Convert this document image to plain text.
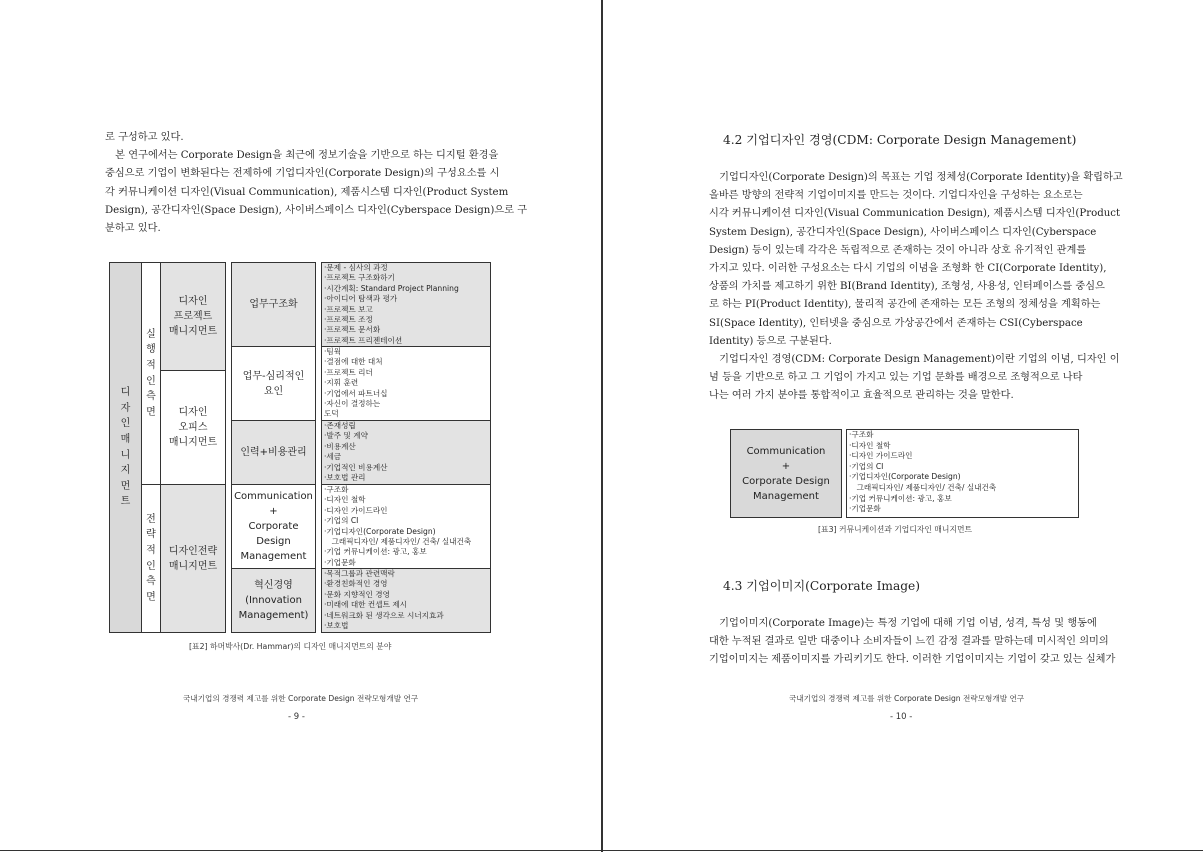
로 구성하고 있다.
　본 연구에서는 Corporate Design을 최근에 정보기술을 기반으로 하는 디지털 환경을
중심으로 기업이 변화된다는 전제하에 기업디자인(Corporate Design)의 구성요소를 시
각 커뮤니케이션 디자인(Visual Communication), 제품시스템 디자인(Product System
Design), 공간디자인(Space Design), 사이버스페이스 디자인(Cyberspace Design)으로 구
분하고 있다.
디
자
인
매
니
지
먼
트
실
행
적
인
측
면
전
략
적
인
측
면
디자인
프로젝트
매니지먼트
디자인
오피스
매니지먼트
디자인전략
매니지먼트
업무구조화
업무-심리적인
요인
인력+비용관리
Communication
+
Corporate
Design
Management
혁신경영
(Innovation
Management)
·문제 - 심사의 과정
·프로젝트 구조화하기
·시간계획: Standard Project Planning
·아이디어 탐색과 평가
·프로젝트 보고
·프로젝트 조정
·프로젝트 문서화
·프로젝트 프리젠테이션
·팀웍
·결점에 대한 대처
·프로젝트 리더
·지휘 훈련
·기업에서 파트너십
·자신이 결정하는
도덕
·존재성립
·발주 및 계약
·비용계산
·세금
·기업적인 비용계산
·보호법 관리
·구조화
·디자인 철학
·디자인 가이드라인
·기업의 CI
·기업디자인(Corporate Design)
　그래픽디자인/ 제품디자인/ 건축/ 실내건축
·기업 커뮤니케이션: 광고, 홍보
·기업문화
·목적그룹과 관련맥락
·환경친화적인 경영
·문화 지향적인 경영
·미래에 대한 컨셉트 제시
·네트워크화 된 생각으로 시너지효과
·보호법
[표2] 하머박사(Dr. Hammar)의 디자인 매니지먼트의 분야
국내기업의 경쟁력 제고를 위한 Corporate Design 전략모형개발 연구
- 9 -
4.2 기업디자인 경영(CDM: Corporate Design Management)
　기업디자인(Corporate Design)의 목표는 기업 정체성(Corporate Identity)을 확립하고
올바른 방향의 전략적 기업이미지를 만드는 것이다. 기업디자인을 구성하는 요소로는
시각 커뮤니케이션 디자인(Visual Communication Design), 제품시스템 디자인(Product
System Design), 공간디자인(Space Design), 사이버스페이스 디자인(Cyberspace
Design) 등이 있는데 각각은 독립적으로 존재하는 것이 아니라 상호 유기적인 관계를
가지고 있다. 이러한 구성요소는 다시 기업의 이념을 조형화 한 CI(Corporate Identity),
상품의 가치를 제고하기 위한 BI(Brand Identity), 조형성, 사용성, 인터페이스를 중심으
로 하는 PI(Product Identity), 물리적 공간에 존재하는 모든 조형의 정체성을 계획하는
SI(Space Identity), 인터넷을 중심으로 가상공간에서 존재하는 CSI(Cyberspace
Identity) 등으로 구분된다.
　기업디자인 경영(CDM: Corporate Design Management)이란 기업의 이념, 디자인 이
념 등을 기반으로 하고 그 기업이 가지고 있는 기업 문화를 배경으로 조형적으로 나타
나는 여러 가지 분야를 통합적이고 효율적으로 관리하는 것을 말한다.
Communication
+
Corporate Design
Management
·구조화
·디자인 철학
·디자인 가이드라인
·기업의 CI
·기업디자인(Corporate Design)
　그래픽디자인/ 제품디자인/ 건축/ 실내건축
·기업 커뮤니케이션: 광고, 홍보
·기업문화
[표3] 커뮤니케이션과 기업디자인 매니지먼트
4.3 기업이미지(Corporate Image)
　기업이미지(Corporate Image)는 특정 기업에 대해 기업 이념, 성격, 특성 및 행동에
대한 누적된 결과로 일반 대중이나 소비자들이 느낀 감정 결과를 말하는데 미시적인 의미의
기업이미지는 제품이미지를 가리키기도 한다. 이러한 기업이미지는 기업이 갖고 있는 실체가
국내기업의 경쟁력 제고를 위한 Corporate Design 전략모형개발 연구
- 10 -
